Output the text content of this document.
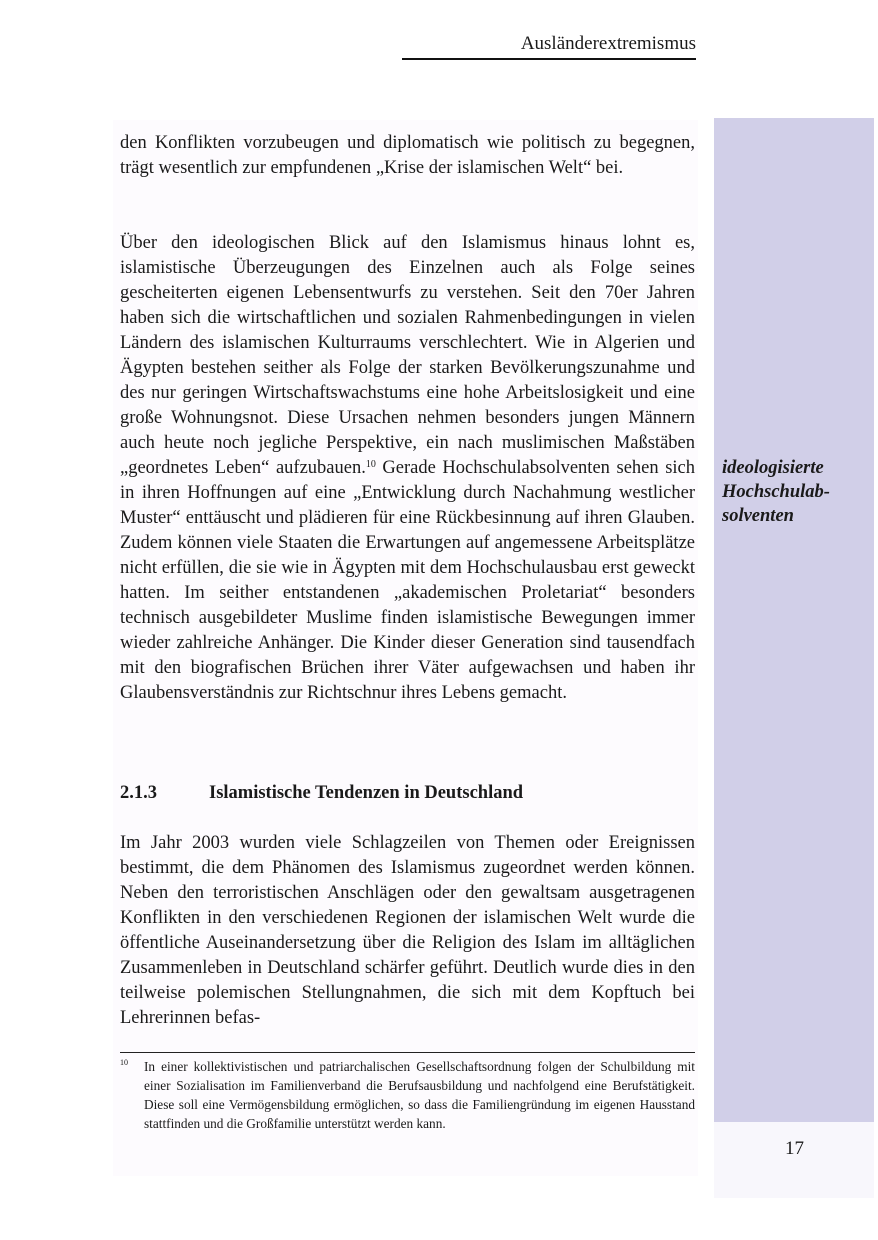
Ausländerextremismus
ideologisierte
Hochschulab-
solventen

den Konflikten vorzubeugen und diplomatisch wie politisch zu begegnen, trägt wesentlich zur empfundenen „Krise der islamischen Welt“ bei.

Über den ideologischen Blick auf den Islamismus hinaus lohnt es, islamistische Überzeugungen des Einzelnen auch als Folge seines gescheiterten eigenen Lebensentwurfs zu verstehen. Seit den 70er Jahren haben sich die wirtschaftlichen und sozialen Rahmenbedingungen in vielen Ländern des islamischen Kulturraums verschlechtert. Wie in Algerien und Ägypten bestehen seither als Folge der starken Bevölkerungszunahme und des nur geringen Wirtschaftswachstums eine hohe Arbeitslosigkeit und eine große Wohnungsnot. Diese Ursachen nehmen besonders jungen Männern auch heute noch jegliche Perspektive, ein nach muslimischen Maßstäben „geordnetes Leben“ aufzubauen.$^{10}$ Gerade Hochschulabsolventen sehen sich in ihren Hoffnungen auf eine „Entwicklung durch Nachahmung westlicher Muster“ enttäuscht und plädieren für eine Rückbesinnung auf ihren Glauben. Zudem können viele Staaten die Erwartungen auf angemessene Arbeitsplätze nicht erfüllen, die sie wie in Ägypten mit dem Hochschulausbau erst geweckt hatten. Im seither entstandenen „akademischen Proletariat“ besonders technisch ausgebildeter Muslime finden islamistische Bewegungen immer wieder zahlreiche Anhänger. Die Kinder dieser Generation sind tausendfach mit den biografischen Brüchen ihrer Väter aufgewachsen und haben ihr Glaubensverständnis zur Richtschnur ihres Lebens gemacht.

2.1.3	Islamistische Tendenzen in Deutschland

Im Jahr 2003 wurden viele Schlagzeilen von Themen oder Ereignissen bestimmt, die dem Phänomen des Islamismus zugeordnet werden können. Neben den terroristischen Anschlägen oder den gewaltsam ausgetragenen Konflikten in den verschiedenen Regionen der islamischen Welt wurde die öffentliche Auseinandersetzung über die Religion des Islam im alltäglichen Zusammenleben in Deutschland schärfer geführt. Deutlich wurde dies in den teilweise polemischen Stellungnahmen, die sich mit dem Kopftuch bei Lehrerinnen befas-

10 In einer kollektivistischen und patriarchalischen Gesellschaftsordnung folgen der Schulbildung mit einer Sozialisation im Familienverband die Berufsausbildung und nachfolgend eine Berufstätigkeit. Diese soll eine Vermögensbildung ermöglichen, so dass die Familiengründung im eigenen Hausstand stattfinden und die Großfamilie unterstützt werden kann.
17
